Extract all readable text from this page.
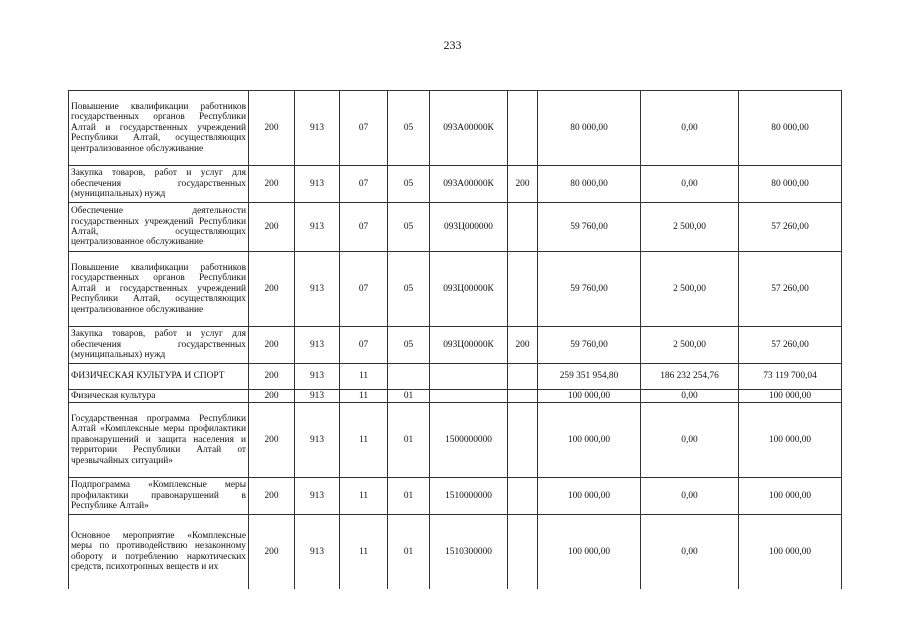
233
Повышение квалификации работников государственных органов Республики Алтай и государственных учреждений Республики Алтай, осуществляющих централизованное обслуживание	200	913	07	05	093А00000К		80 000,00	0,00	80 000,00
Закупка товаров, работ и услуг для обеспечения государственных (муниципальных) нужд	200	913	07	05	093А00000К	200	80 000,00	0,00	80 000,00
Обеспечение деятельности государственных учреждений Республики Алтай, осуществляющих централизованное обслуживание	200	913	07	05	093Ц000000		59 760,00	2 500,00	57 260,00
Повышение квалификации работников государственных органов Республики Алтай и государственных учреждений Республики Алтай, осуществляющих централизованное обслуживание	200	913	07	05	093Ц00000К		59 760,00	2 500,00	57 260,00
Закупка товаров, работ и услуг для обеспечения государственных (муниципальных) нужд	200	913	07	05	093Ц00000К	200	59 760,00	2 500,00	57 260,00
ФИЗИЧЕСКАЯ КУЛЬТУРА И СПОРТ	200	913	11				259 351 954,80	186 232 254,76	73 119 700,04
Физическая культура	200	913	11	01			100 000,00	0,00	100 000,00
Государственная программа Республики Алтай «Комплексные меры профилактики правонарушений и защита населения и территории Республики Алтай от чрезвычайных ситуаций»	200	913	11	01	1500000000		100 000,00	0,00	100 000,00
Подпрограмма «Комплексные меры профилактики правонарушений в Республике Алтай»	200	913	11	01	1510000000		100 000,00	0,00	100 000,00

Основное мероприятие «Комплексные меры по противодействию незаконному обороту и потреблению наркотических средств, психотропных веществ и их	200	913	11	01	1510300000		100 000,00	0,00	100 000,00
